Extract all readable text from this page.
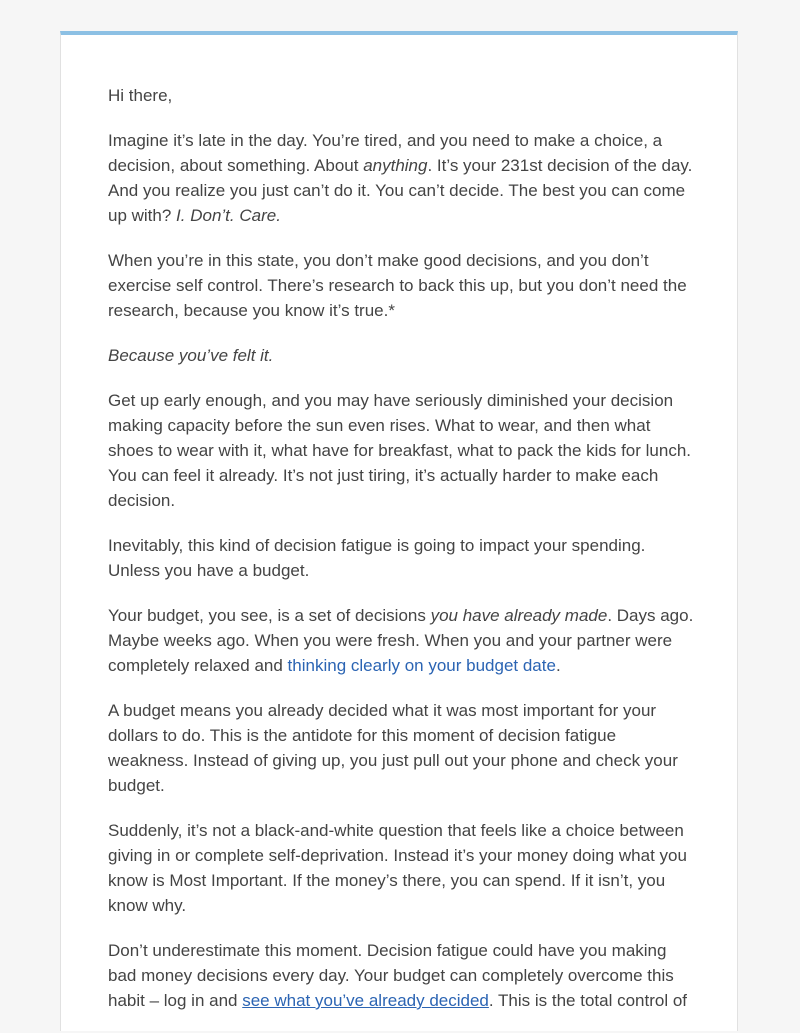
Hi there,

Imagine it’s late in the day. You’re tired, and you need to make a choice, a decision, about something. About anything. It’s your 231st decision of the day. And you realize you just can’t do it. You can’t decide. The best you can come up with? I. Don’t. Care.

When you’re in this state, you don’t make good decisions, and you don’t exercise self control. There’s research to back this up, but you don’t need the research, because you know it’s true.*

Because you’ve felt it.

Get up early enough, and you may have seriously diminished your decision making capacity before the sun even rises. What to wear, and then what shoes to wear with it, what have for breakfast, what to pack the kids for lunch. You can feel it already. It’s not just tiring, it’s actually harder to make each decision.

Inevitably, this kind of decision fatigue is going to impact your spending. Unless you have a budget.

Your budget, you see, is a set of decisions you have already made. Days ago. Maybe weeks ago. When you were fresh. When you and your partner were completely relaxed and thinking clearly on your budget date.

A budget means you already decided what it was most important for your dollars to do. This is the antidote for this moment of decision fatigue weakness. Instead of giving up, you just pull out your phone and check your budget.

Suddenly, it’s not a black-and-white question that feels like a choice between giving in or complete self-deprivation. Instead it’s your money doing what you know is Most Important. If the money’s there, you can spend. If it isn’t, you know why.

Don’t underestimate this moment. Decision fatigue could have you making bad money decisions every day. Your budget can completely overcome this habit – log in and see what you’ve already decided. This is the total control of
